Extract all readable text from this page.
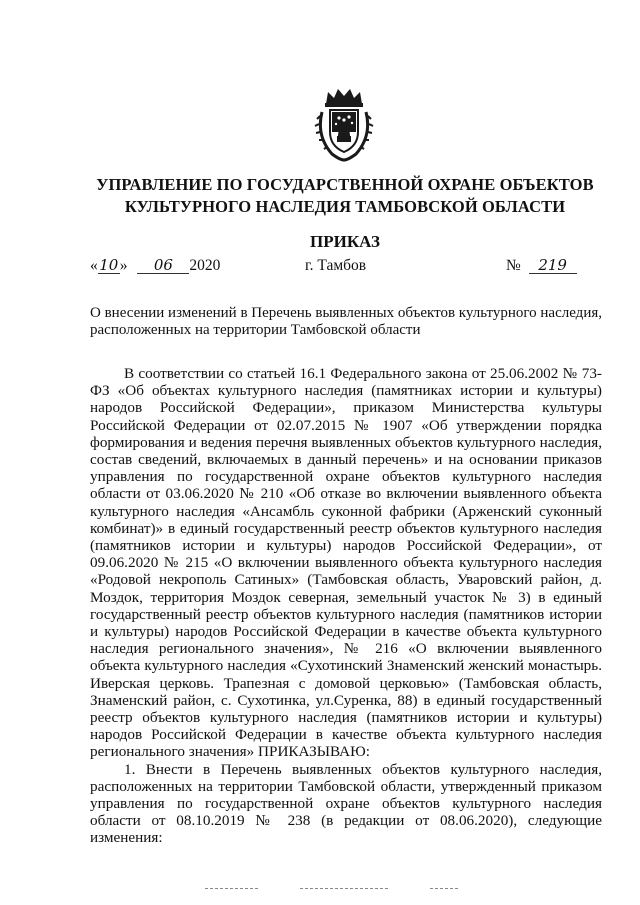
УПРАВЛЕНИЕ ПО ГОСУДАРСТВЕННОЙ ОХРАНЕ ОБЪЕКТОВ
КУЛЬТУРНОГО НАСЛЕДИЯ ТАМБОВСКОЙ ОБЛАСТИ
ПРИКАЗ
«10» 06 2020	г. Тамбов	№ 219
О внесении изменений в Перечень выявленных объектов культурного наследия, расположенных на территории Тамбовской области

В соответствии со статьей 16.1 Федерального закона от 25.06.2002 № 73-ФЗ «Об объектах культурного наследия (памятниках истории и культуры) народов Российской Федерации», приказом Министерства культуры Российской Федерации от 02.07.2015 № 1907 «Об утверждении порядка формирования и ведения перечня выявленных объектов культурного наследия, состав сведений, включаемых в данный перечень» и на основании приказов управления по государственной охране объектов культурного наследия области от 03.06.2020 № 210 «Об отказе во включении выявленного объекта культурного наследия «Ансамбль суконной фабрики (Арженский суконный комбинат)» в единый государственный реестр объектов культурного наследия (памятников истории и культуры) народов Российской Федерации», от 09.06.2020 № 215 «О включении выявленного объекта культурного наследия «Родовой некрополь Сатиных» (Тамбовская область, Уваровский район, д. Моздок, территория Моздок северная, земельный участок № 3) в единый государственный реестр объектов культурного наследия (памятников истории и культуры) народов Российской Федерации в качестве объекта культурного наследия регионального значения», № 216 «О включении выявленного объекта культурного наследия «Сухотинский Знаменский женский монастырь. Иверская церковь. Трапезная с домовой церковью» (Тамбовская область, Знаменский район, с. Сухотинка, ул.Суренка, 88) в единый государственный реестр объектов культурного наследия (памятников истории и культуры) народов Российской Федерации в качестве объекта культурного наследия регионального значения» ПРИКАЗЫВАЮ:

1. Внести в Перечень выявленных объектов культурного наследия, расположенных на территории Тамбовской области, утвержденный приказом управления по государственной охране объектов культурного наследия области от 08.10.2019 № 238 (в редакции от 08.06.2020), следующие изменения:
